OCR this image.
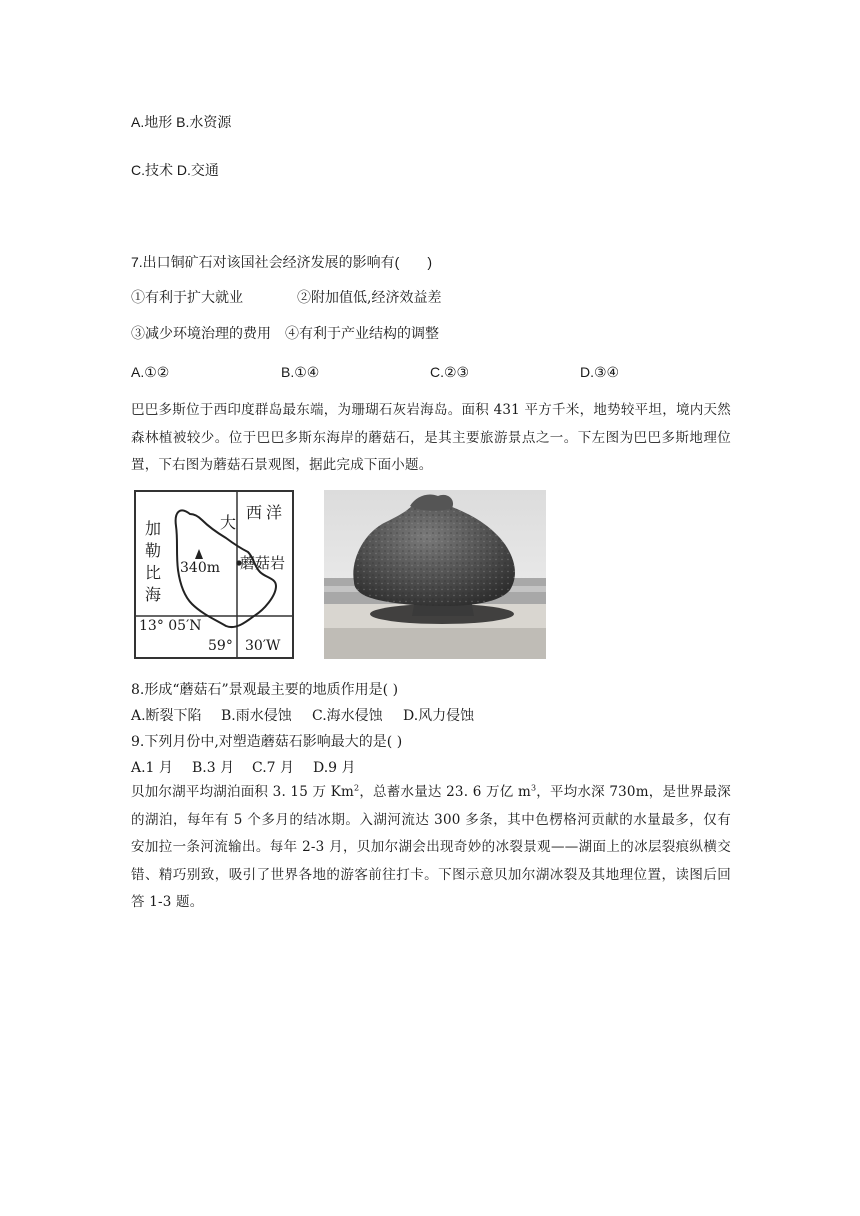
A.地形 B.水资源
C.技术 D.交通
7.出口铜矿石对该国社会经济发展的影响有(　　)
①有利于扩大就业	②附加值低,经济效益差
③减少环境治理的费用 ④有利于产业结构的调整
A.①②	B.①④	C.②③	D.③④
巴巴多斯位于西印度群岛最东端，为珊瑚石灰岩海岛。面积 431 平方千米，地势较平坦，境内天然森林植被较少。位于巴巴多斯东海岸的蘑菇石，是其主要旅游景点之一。下左图为巴巴多斯地理位置，下右图为蘑菇石景观图，据此完成下面小题。
加
勒
比
海
大
西洋
340m 蘑菇岩
13° 05′N
59° 30′W
8.形成“蘑菇石”景观最主要的地质作用是( )
A.断裂下陷 B.雨水侵蚀 C.海水侵蚀 D.风力侵蚀
9.下列月份中,对塑造蘑菇石影响最大的是( )
A.1 月 B.3 月 C.7 月 D.9 月
贝加尔湖平均湖泊面积 3. 15 万 Km$^2$，总蓄水量达 23. 6 万亿 $m^3$，平均水深 730m，是世界最深的湖泊，每年有 5 个多月的结冰期。入湖河流达 300 多条，其中色楞格河贡献的水量最多，仅有安加拉一条河流输出。每年 2-3 月，贝加尔湖会出现奇妙的冰裂景观——湖面上的冰层裂痕纵横交错、精巧别致，吸引了世界各地的游客前往打卡。下图示意贝加尔湖冰裂及其地理位置，读图后回答 1-3 题。
